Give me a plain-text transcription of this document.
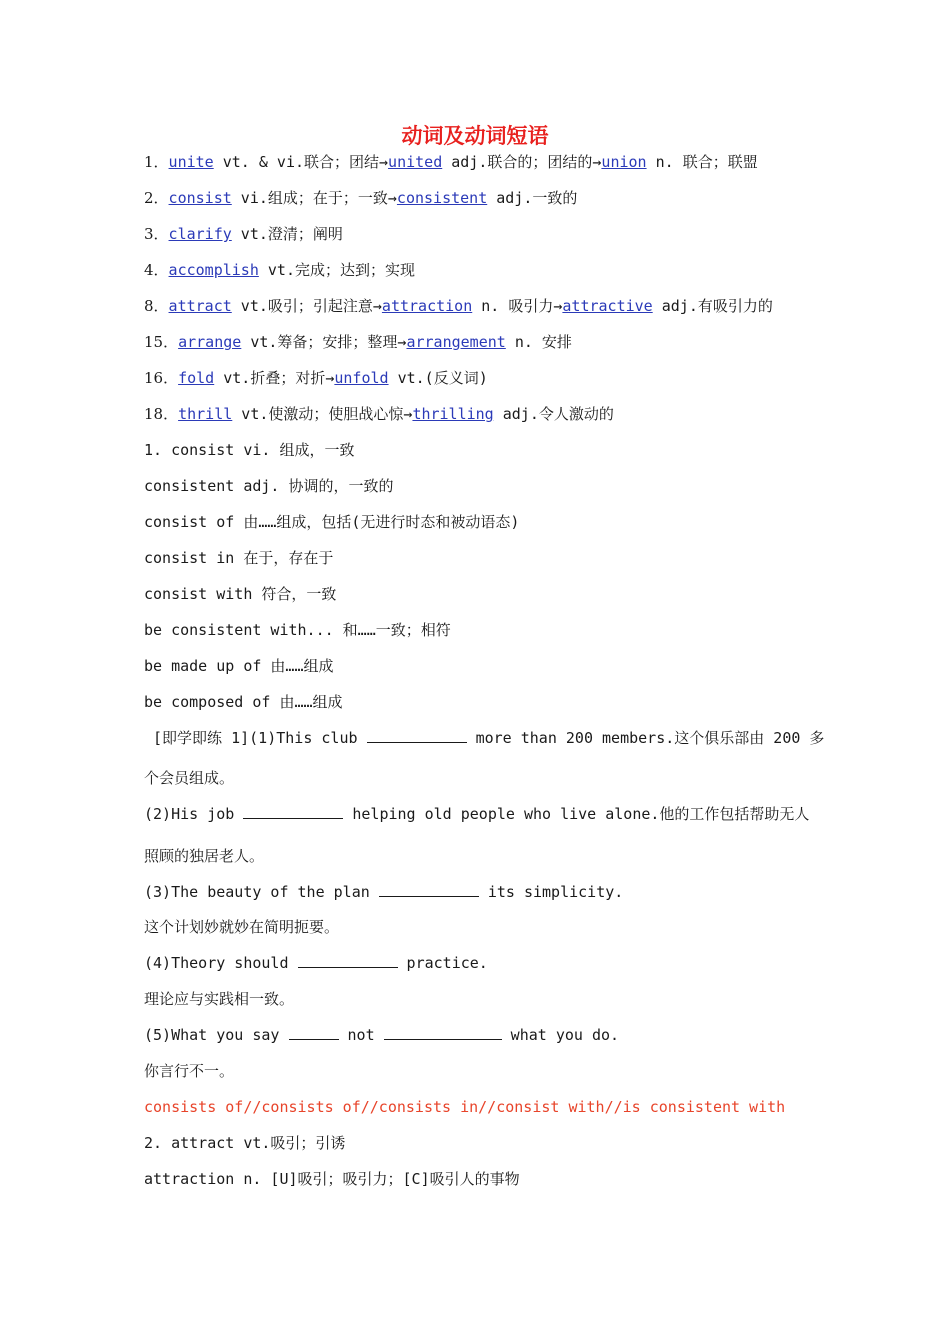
动词及动词短语
1．unite vt. & vi.联合；团结→united adj.联合的；团结的→union n. 联合；联盟
2．consist vi.组成；在于；一致→consistent adj.一致的
3．clarify vt.澄清；阐明
4．accomplish vt.完成；达到；实现
8．attract vt.吸引；引起注意→attraction n. 吸引力→attractive adj.有吸引力的
15．arrange vt.筹备；安排；整理→arrangement n. 安排
16．fold vt.折叠；对折→unfold vt.(反义词)
18．thrill vt.使激动；使胆战心惊→thrilling adj.令人激动的
1. consist vi. 组成，一致
consistent adj. 协调的，一致的
consist of 由……组成，包括(无进行时态和被动语态)
consist in 在于，存在于
consist with 符合，一致
be consistent with... 和……一致；相符
be made up of 由……组成
be composed of 由……组成
[即学即练 1](1)This club	more than 200 members.这个俱乐部由 200 多
个会员组成。
(2)His job	helping old people who live alone.他的工作包括帮助无人
照顾的独居老人。
(3)The beauty of the plan	its simplicity.
这个计划妙就妙在简明扼要。
(4)Theory should	practice.
理论应与实践相一致。
(5)What you say	not	what you do.
你言行不一。
consists of//consists of//consists in//consist with//is consistent with
2. attract vt.吸引；引诱
attraction n. [U]吸引；吸引力；[C]吸引人的事物
